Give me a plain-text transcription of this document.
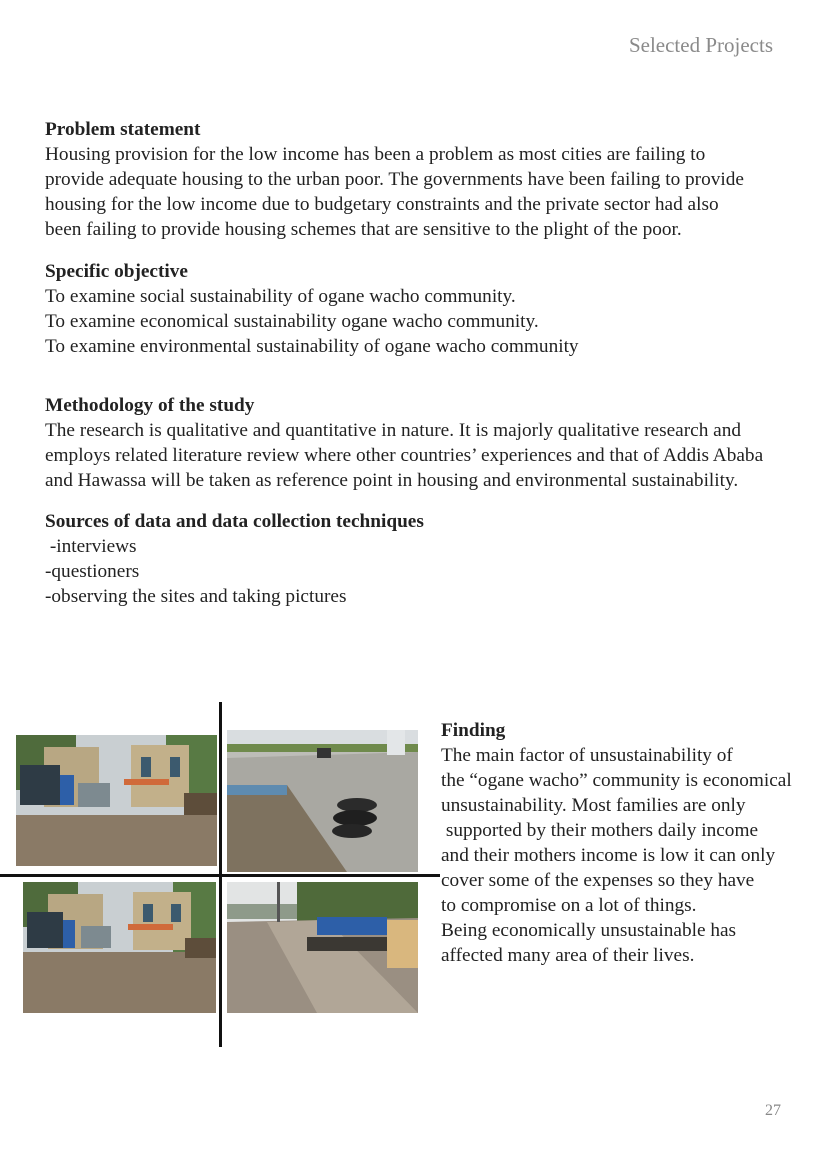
Selected Projects
Problem statement
Housing provision for the low income has been a problem as most cities are failing to
provide adequate housing to the urban poor. The governments have been failing to provide
housing for the low income due to budgetary constraints and the private sector had also
been failing to provide housing schemes that are sensitive to the plight of the poor.
Specific objective
To examine social sustainability of ogane wacho community.
To examine economical sustainability ogane wacho community.
To examine environmental sustainability of ogane wacho community
Methodology of the study
The research is qualitative and quantitative in nature. It is majorly qualitative research and
employs related literature review where other countries’ experiences and that of Addis Ababa
and Hawassa will be taken as reference point in housing and environmental sustainability.
Sources of data and data collection techniques
-interviews
-questioners
-observing the sites and taking pictures
Finding
The main factor of unsustainability of
the “ogane wacho” community is economical
unsustainability. Most families are only
supported by their mothers daily income
and their mothers income is low it can only
cover some of the expenses so they have
to compromise on a lot of things.
Being economically unsustainable has
affected many area of their lives.
27
